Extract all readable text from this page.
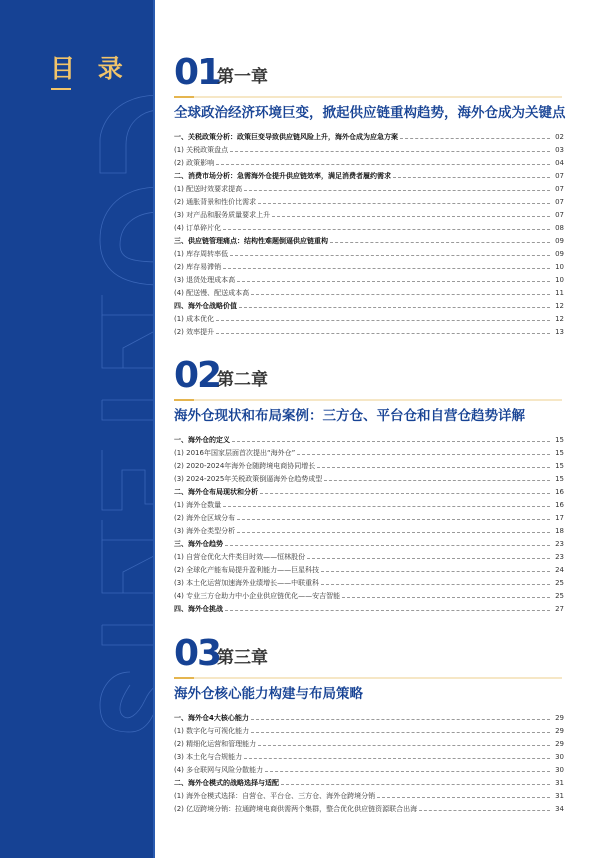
目 录 01
第一章
全球政治经济环境巨变，掀起供应链重构趋势，海外仓成为关键点
一、关税政策分析：政策巨变导致供应链风险上升，海外仓成为应急方案	02
(1) 关税政策盘点	03
(2) 政策影响	04
二、消费市场分析：急需海外仓提升供应链效率，满足消费者履约需求	07
(1) 配送时效要求提高	07
(2) 通胀背景和性价比需求	07
(3) 对产品和服务质量要求上升	07
(4) 订单碎片化	08
三、供应链管理痛点：结构性难题倒逼供应链重构	09
(1) 库存周转率低	09
(2) 库存易滞销	10
(3) 退货处理成本高	10
(4) 配送慢、配送成本高	11
四、海外仓战略价值	12
(1) 成本优化	12
(2) 效率提升	13
02
第二章
海外仓现状和布局案例：三方仓、平台仓和自营仓趋势详解
一、海外仓的定义	15
(1) 2016年国家层面首次提出“海外仓”	15
(2) 2020-2024年海外仓随跨境电商协同增长	15
(3) 2024-2025年关税政策倒逼海外仓趋势成型	15
二、海外仓布局现状和分析	16
(1) 海外仓数量	16
(2) 海外仓区域分布	17
(3) 海外仓类型分析	18
三、海外仓趋势	23
(1) 自营仓优化大件类目时效——恒林股份	23
(2) 全球化产能布局提升盈利能力——巨星科技	24
(3) 本土化运营加速海外业绩增长——中联重科	25
(4) 专业三方仓助力中小企业供应链优化——安吉智能	25
四、海外仓挑战	27
03
第三章
海外仓核心能力构建与布局策略
一、海外仓4大核心能力	29
(1) 数字化与可视化能力	29
(2) 精细化运营和管理能力	29
(3) 本土化与合规能力	30
(4) 多仓联网与风险分散能力	30
二、海外仓模式的战略选择与适配	31
(1) 海外仓模式选择：自营仓、平台仓、三方仓、海外仓跨境分销	31
(2) 亿迈跨境分销：拉通跨境电商供需两个集群，整合优化供应链资源联合出海	34
